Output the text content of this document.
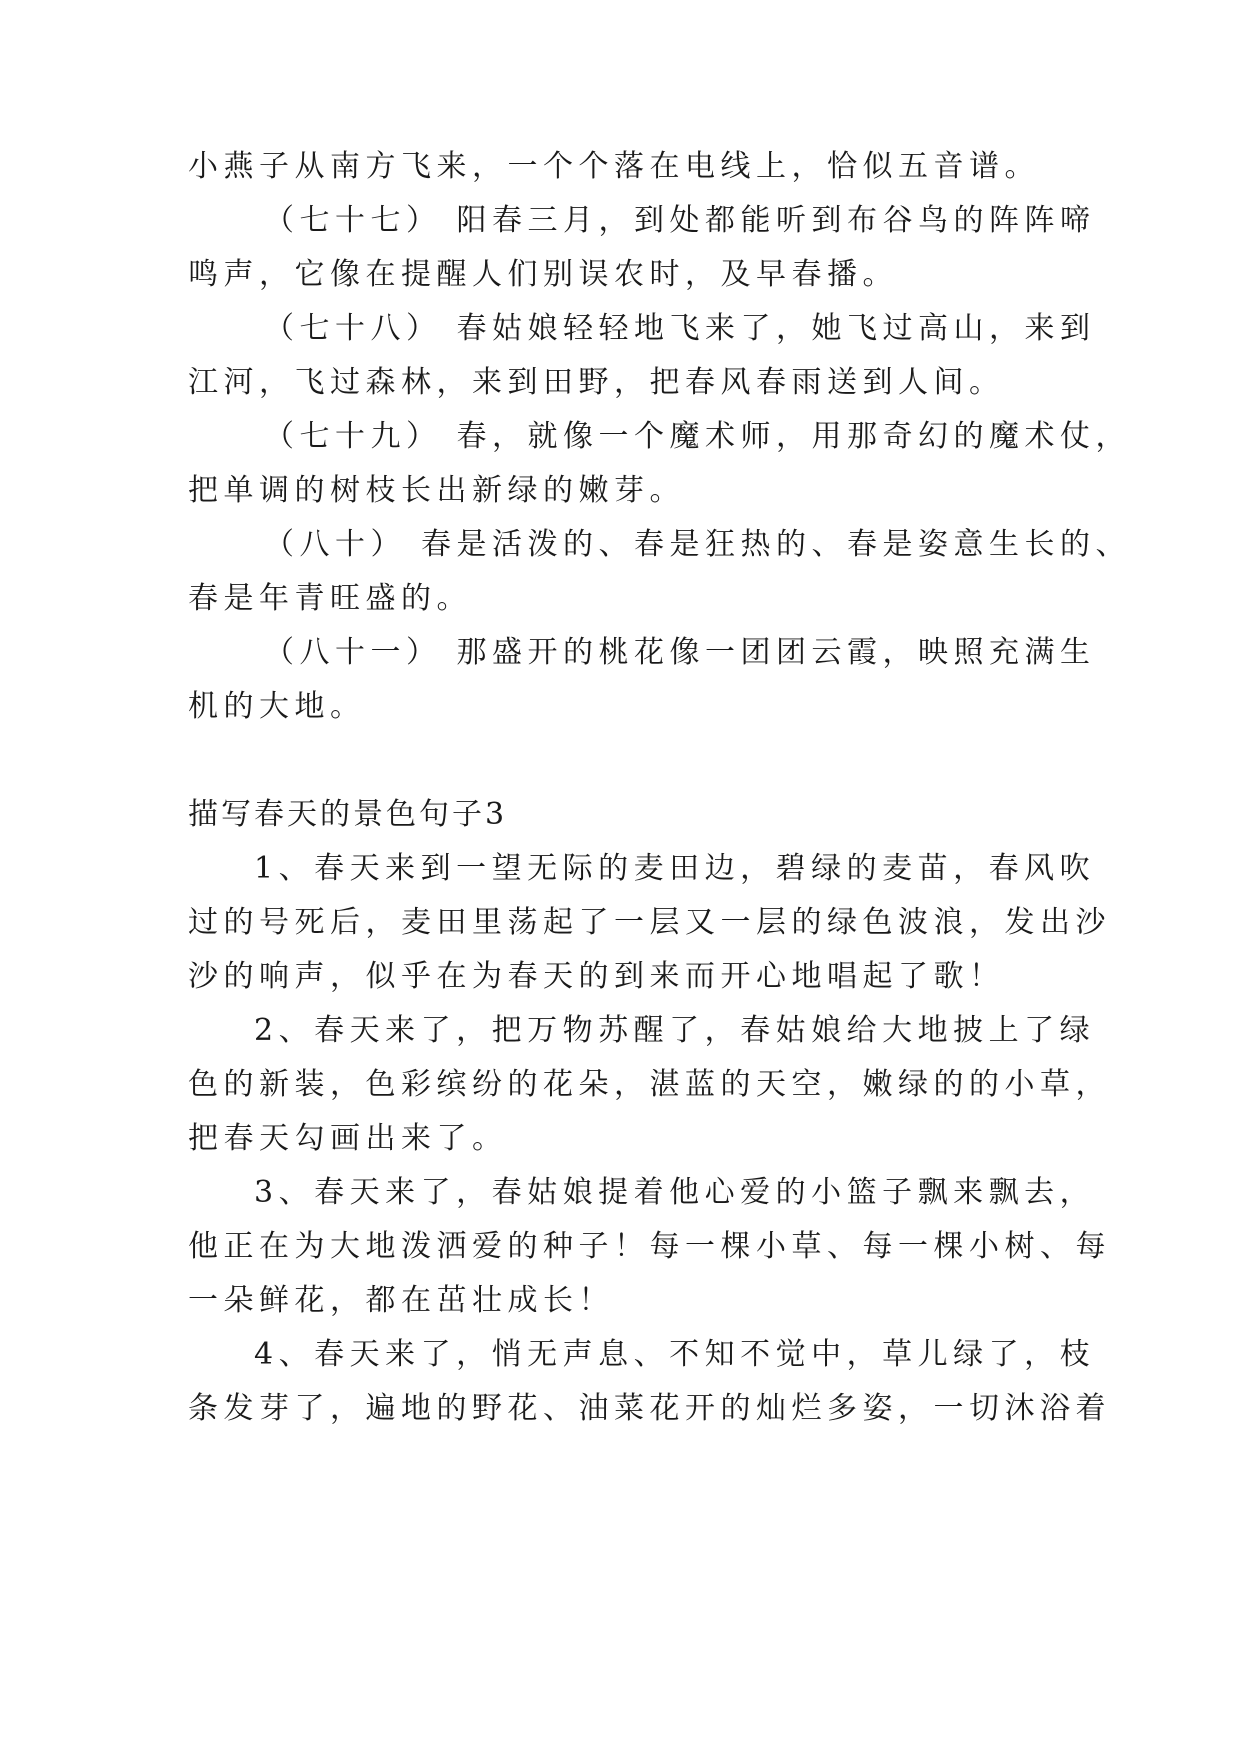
小燕子从南方飞来，一个个落在电线上，恰似五音谱。
（七十七） 阳春三月，到处都能听到布谷鸟的阵阵啼
鸣声，它像在提醒人们别误农时，及早春播。
（七十八） 春姑娘轻轻地飞来了，她飞过高山，来到
江河，飞过森林，来到田野，把春风春雨送到人间。
（七十九） 春，就像一个魔术师，用那奇幻的魔术仗，
把单调的树枝长出新绿的嫩芽。
（八十） 春是活泼的、春是狂热的、春是姿意生长的、
春是年青旺盛的。
（八十一） 那盛开的桃花像一团团云霞，映照充满生
机的大地。
描写春天的景色句子3
1、春天来到一望无际的麦田边，碧绿的麦苗，春风吹
过的号死后，麦田里荡起了一层又一层的绿色波浪，发出沙
沙的响声，似乎在为春天的到来而开心地唱起了歌！
2、春天来了，把万物苏醒了，春姑娘给大地披上了绿
色的新装，色彩缤纷的花朵，湛蓝的天空，嫩绿的的小草，
把春天勾画出来了。
3、春天来了，春姑娘提着他心爱的小篮子飘来飘去，
他正在为大地泼洒爱的种子！每一棵小草、每一棵小树、每
一朵鲜花，都在茁壮成长！
4、春天来了，悄无声息、不知不觉中，草儿绿了，枝
条发芽了，遍地的野花、油菜花开的灿烂多姿，一切沐浴着
